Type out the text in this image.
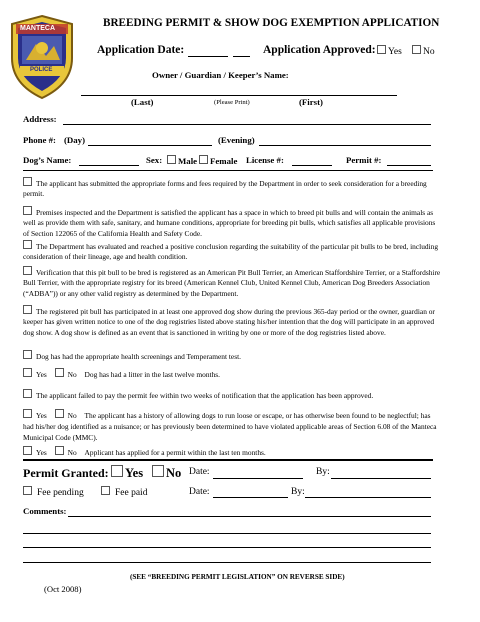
MANTECA
POLICE
BREEDING PERMIT & SHOW DOG EXEMPTION APPLICATION
Application Date:	Application Approved:	Yes	No
Owner / Guardian / Keeper’s Name:
(Last)	(Please Print)	(First)
Address:
Phone #: (Day)	(Evening)
Dog’s Name:	Sex:	Male	Female License #:	Permit #:
The applicant has submitted the appropriate forms and fees required by the Department in order to seek consideration for a breeding permit.
Premises inspected and the Department is satisfied the applicant has a space in which to breed pit bulls and will contain the animals as well as provide them with safe, sanitary, and humane conditions, appropriate for breeding pit bulls, which satisfies all applicable provisions of Section 122065 of the California Health and Safety Code.
The Department has evaluated and reached a positive conclusion regarding the suitability of the particular pit bulls to be bred, including consideration of their lineage, age and health condition.
Verification that this pit bull to be bred is registered as an American Pit Bull Terrier, an American Staffordshire Terrier, or a Staffordshire Bull Terrier, with the appropriate registry for its breed (American Kennel Club, United Kennel Club, American Dog Breeders Association (“ADBA”)) or any other valid registry as determined by the Department.
The registered pit bull has participated in at least one approved dog show during the previous 365-day period or the owner, guardian or keeper has given written notice to one of the dog registries listed above stating his/her intention that the dog will participate in an approved dog show. A dog show is defined as an event that is sanctioned in writing by one or more of the dog registries listed above.
Dog has had the appropriate health screenings and Temperament test.
Yes	No Dog has had a litter in the last twelve months.
The applicant failed to pay the permit fee within two weeks of notification that the application has been approved.
Yes	No The applicant has a history of allowing dogs to run loose or escape, or has otherwise been found to be neglectful; has had his/her dog identified as a nuisance; or has previously been determined to have violated applicable areas of Section 6.08 of the Manteca Municipal Code (MMC).
Yes	No Applicant has applied for a permit within the last ten months.
Permit Granted:	Yes	No Date:	By:
Fee pending	Fee paid	Date:	By:
Comments:
(SEE “BREEDING PERMIT LEGISLATION” ON REVERSE SIDE)
(Oct 2008)
